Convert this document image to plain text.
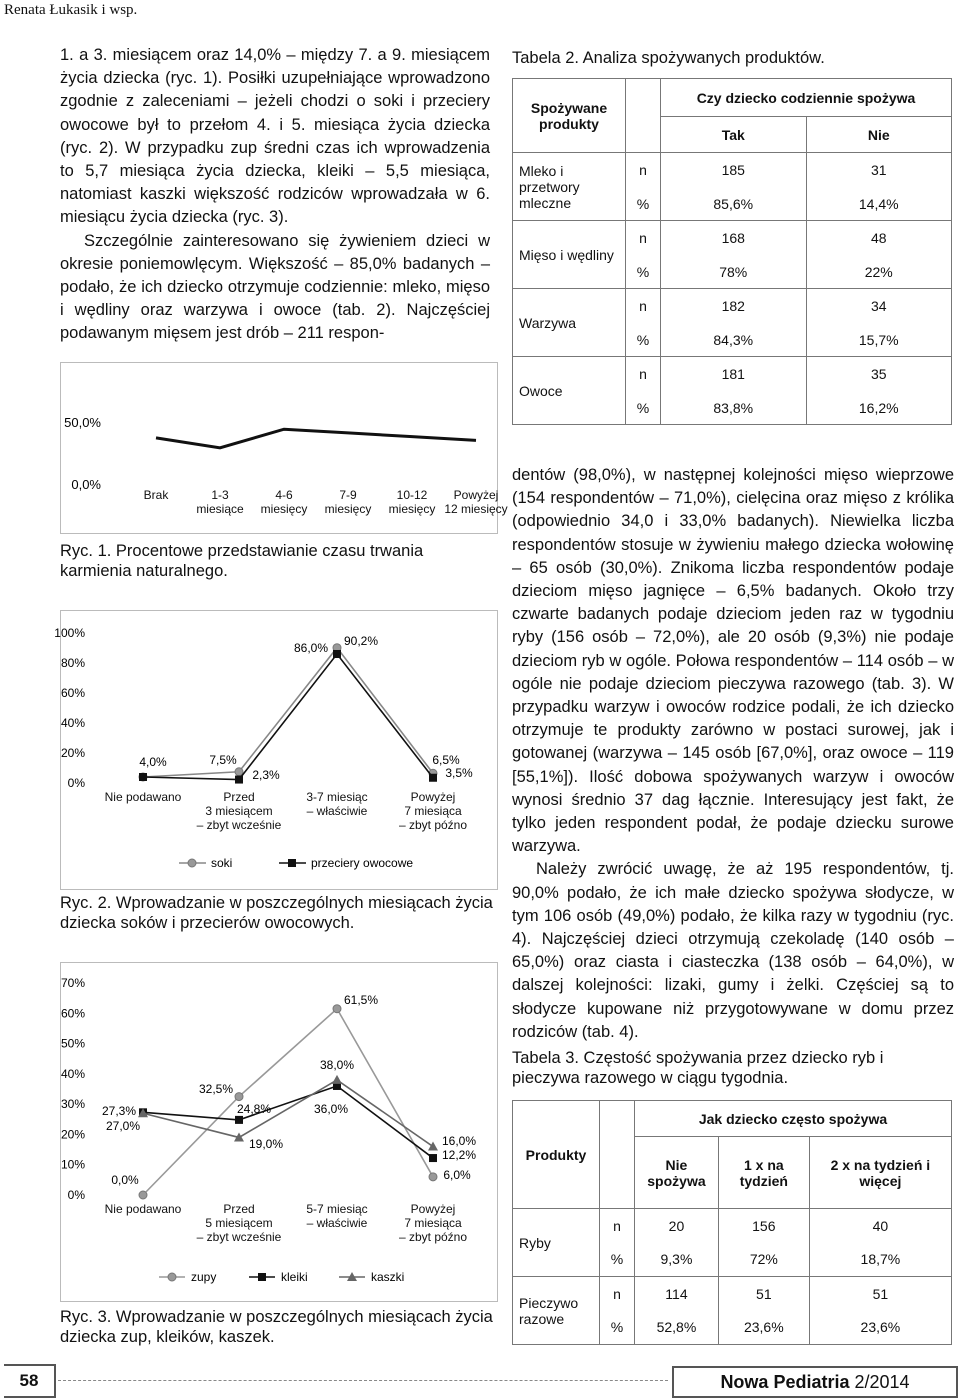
Renata Łukasik i wsp.

1. a 3. miesiącem oraz 14,0% – między 7. a 9. miesiącem życia dziecka (ryc. 1). Posiłki uzupełniające wprowadzono zgodnie z zaleceniami – jeżeli chodzi o soki i przeciery owocowe był to przełom 4. i 5. miesiąca życia dziecka (ryc. 2). W przypadku zup średni czas ich wprowadzenia to 5,7 miesiąca życia dziecka, kleiki – 5,5 miesiąca, natomiast kaszki większość rodziców wprowadzała w 6. miesiącu życia dziecka (ryc. 3).

Szczególnie zainteresowano się żywieniem dzieci w okresie poniemowlęcym. Większość – 85,0% badanych – podało, że ich dziecko otrzymuje codziennie: mleko, mięso i wędliny oraz warzywa i owoce (tab. 2). Najczęściej podawanym mięsem jest drób – 211 respon-

50,0%
0,0%
Brak	1-3 miesiące
4-6 miesięcy
7-9 miesięcy
10-12 miesięcy
Powyżej 12 miesięcy
Ryc. 1. Procentowe przedstawianie czasu trwania karmienia naturalnego.
100%
80%
60%
40%
20%
0%
4,0%	7,5%
2,3%
86,0% 90,2%
6,5%
3,5%
Nie podawano	Przed 3 miesiącem – zbyt wcześnie
3-7 miesiąc – właściwie
Powyżej 7 miesiąca – zbyt późno
soki	przeciery owocowe
Ryc. 2. Wprowadzanie w poszczególnych miesiącach życia dziecka soków i przecierów owocowych.
70%
60%
50%
40%
30%
20%
10%
0%
27,3%
27,0%
0,0%
32,5%
24,8%
19,0%
61,5%
38,0%
36,0%
16,0%
12,2%
6,0%
Nie podawano	Przed 5 miesiącem – zbyt wcześnie
5-7 miesiąc – właściwie
Powyżej 7 miesiąca – zbyt późno
zupy	kleiki	kaszki
Ryc. 3. Wprowadzanie w poszczególnych miesiącach życia dziecka zup, kleików, kaszek.
Tabela 2. Analiza spożywanych produktów.
Spożywane produkty		Czy dziecko codziennie spożywa	
		Tak	Nie
Mleko i przetwory mleczne	n	185	31
	%	85,6%	14,4%
Mięso i wędliny	n	168	48
	%	78%	22%
Warzywa	n	182	34
	%	84,3%	15,7%
Owoce	n	181	35
	%	83,8%	16,2%

dentów (98,0%), w następnej kolejności mięso wieprzowe (154 respondentów – 71,0%), cielęcina oraz mięso z królika (odpowiednio 34,0 i 33,0% badanych). Niewielka liczba respondentów stosuje w żywieniu małego dziecka wołowinę – 65 osób (30,0%). Znikoma liczba respondentów podaje dzieciom mięso jagnięce – 6,5% badanych. Około trzy czwarte badanych podaje dzieciom jeden raz w tygodniu ryby (156 osób – 72,0%), ale 20 osób (9,3%) nie podaje dzieciom ryb w ogóle. Połowa respondentów – 114 osób – w ogóle nie podaje dzieciom pieczywa razowego (tab. 3). W przypadku warzyw i owoców rodzice podali, że ich dziecko otrzymuje te produkty zarówno w postaci surowej, jak i gotowanej (warzywa – 145 osób [67,0%], oraz owoce – 119 [55,1%]). Ilość dobowa spożywanych warzyw i owoców wynosi średnio 37 dag łącznie. Interesujący jest fakt, że tylko jeden respondent podał, że podaje dziecku surowe warzywa.

Należy zwrócić uwagę, że aż 195 respondentów, tj. 90,0% podało, że ich małe dziecko spożywa słodycze, w tym 106 osób (49,0%) podało, że kilka razy w tygodniu (ryc. 4). Najczęściej dzieci otrzymują czekoladę (140 osób – 65,0%) oraz ciasta i ciasteczka (138 osób – 64,0%), w dalszej kolejności: lizaki, gumy i żelki. Częściej są to słodycze kupowane niż przygotowywane w domu przez rodziców (tab. 4).

Tabela 3. Częstość spożywania przez dziecko ryb i pieczywa razowego w ciągu tygodnia.
Produkty		Jak dziecko często spożywa		
		Nie spożywa	1 x na tydzień	2 x na tydzień i więcej
Ryby	n	20	156	40
	%	9,3%	72%	18,7%
Pieczywo razowe	n	114	51	51
	%	52,8%	23,6%	23,6%
58	Nowa Pediatria
2/2014
